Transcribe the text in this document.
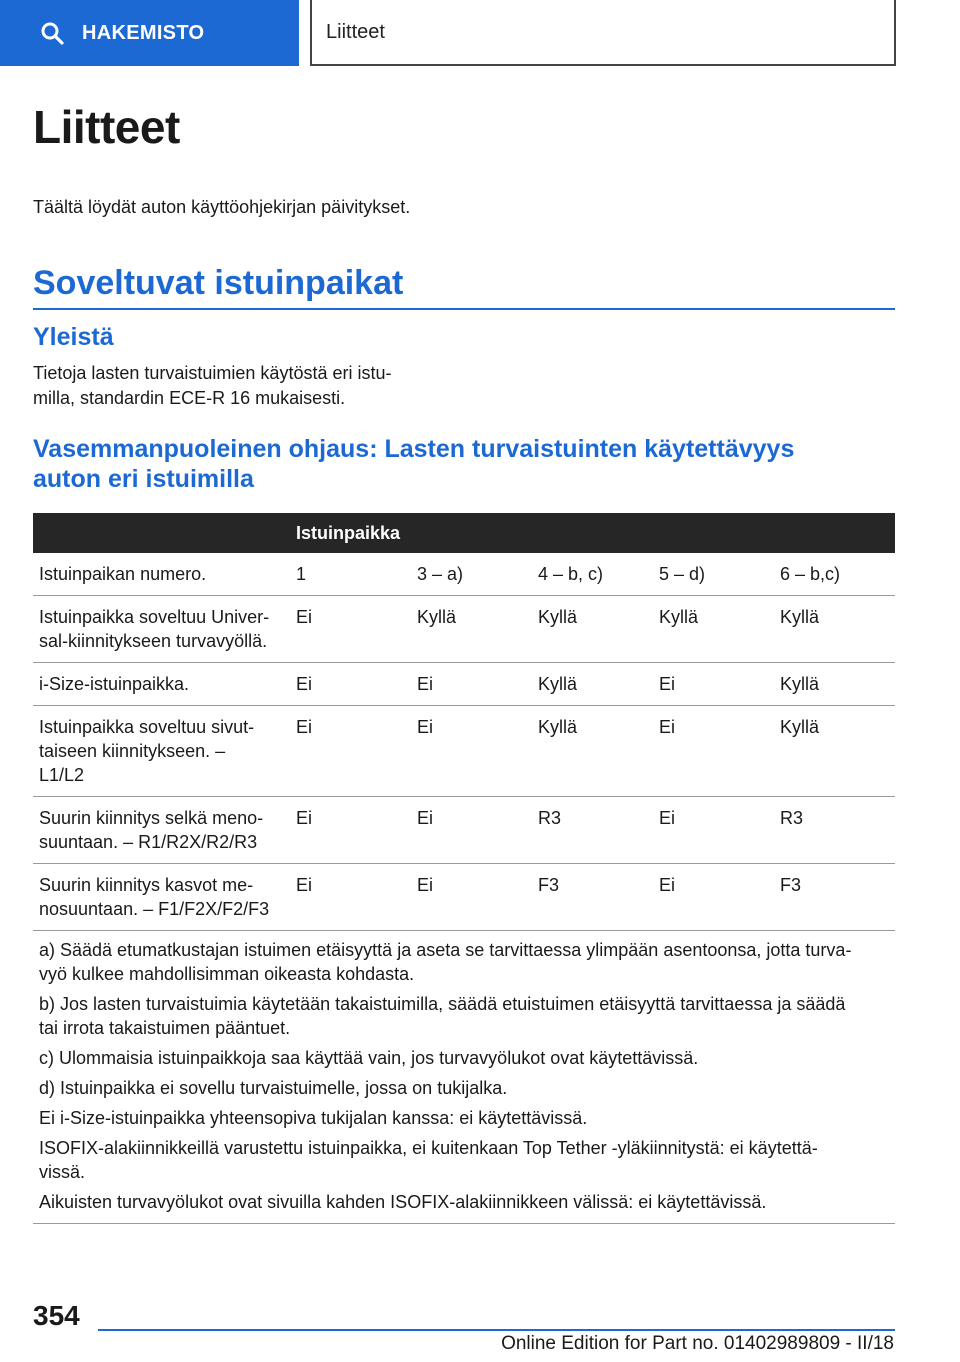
HAKEMISTO	Liitteet
Liitteet
Täältä löydät auton käyttöohjekirjan päivitykset.
Soveltuvat istuinpaikat
Yleistä
Tietoja lasten turvaistuimien käytöstä eri istu-
milla, standardin ECE-R 16 mukaisesti.
Vasemmanpuoleinen ohjaus: Lasten turvaistuinten käytettävyys
auton eri istuimilla
Istuinpaikka
Istuinpaikan numero.	1	3 – a)	4 – b, c)	5 – d)	6 – b,c)
Istuinpaikka soveltuu Univer-
sal-kiinnitykseen turvavyöllä.
Ei	Kyllä	Kyllä	Kyllä	Kyllä
i-Size-istuinpaikka.	Ei	Ei	Kyllä	Ei	Kyllä
Istuinpaikka soveltuu sivut-
taiseen kiinnitykseen. –
L1/L2
Ei	Ei	Kyllä	Ei	Kyllä
Suurin kiinnitys selkä meno-
suuntaan. – R1/R2X/R2/R3
Ei	Ei	R3	Ei	R3
Suurin kiinnitys kasvot me-
nosuuntaan. – F1/F2X/F2/F3
Ei	Ei	F3	Ei	F3
a) Säädä etumatkustajan istuimen etäisyyttä ja aseta se tarvittaessa ylimpään asentoonsa, jotta turva-
vyö kulkee mahdollisimman oikeasta kohdasta.
b) Jos lasten turvaistuimia käytetään takaistuimilla, säädä etuistuimen etäisyyttä tarvittaessa ja säädä
tai irrota takaistuimen pääntuet.
c) Ulommaisia istuinpaikkoja saa käyttää vain, jos turvavyölukot ovat käytettävissä.
d) Istuinpaikka ei sovellu turvaistuimelle, jossa on tukijalka.
Ei i-Size-istuinpaikka yhteensopiva tukijalan kanssa: ei käytettävissä.
ISOFIX-alakiinnikkeillä varustettu istuinpaikka, ei kuitenkaan Top Tether -yläkiinnitystä: ei käytettä-
vissä.
Aikuisten turvavyölukot ovat sivuilla kahden ISOFIX-alakiinnikkeen välissä: ei käytettävissä.
354
Online Edition for Part no. 01402989809 - II/18
